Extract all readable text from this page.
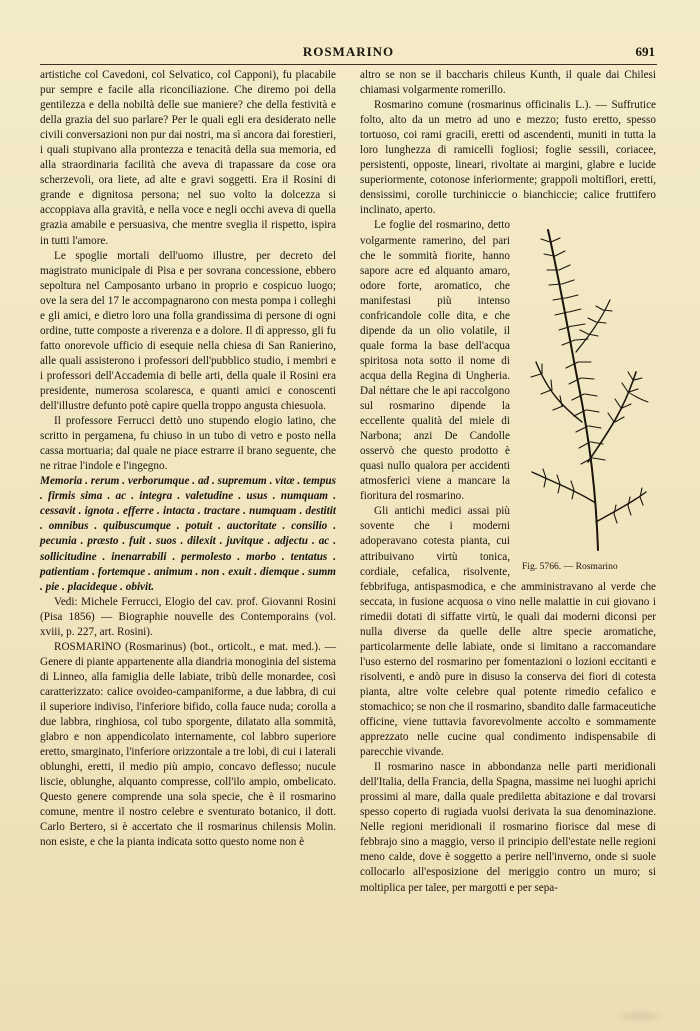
ROSMARINO	691

artistiche col Cavedoni, col Selvatico, col Capponi), fu placabile pur sempre e facile alla riconciliazione. Che diremo poi della gentilezza e della nobiltà delle sue maniere? che della festività e della grazia del suo parlare? Per le quali egli era desiderato nelle civili conversazioni non pur dai nostri, ma sì ancora dai forestieri, i quali stupivano alla prontezza e tenacità della sua memoria, ed alla straordinaria facilità che aveva di trapassare da cose ora scherzevoli, ora liete, ad alte e gravi soggetti. Era il Rosini di grande e dignitosa persona; nel suo volto la dolcezza si accoppiava alla gravità, e nella voce e negli occhi aveva di quella grazia amabile e persuasiva, che mentre sveglia il rispetto, ispira in tutti l'amore.

Le spoglie mortali dell'uomo illustre, per decreto del magistrato municipale di Pisa e per sovrana concessione, ebbero sepoltura nel Camposanto urbano in proprio e cospicuo luogo; ove la sera del 17 le accompagnarono con mesta pompa i colleghi e gli amici, e dietro loro una folla grandissima di persone di ogni ordine, tutte composte a riverenza e a dolore. Il dì appresso, gli fu fatto onorevole ufficio di esequie nella chiesa di San Ranierino, alle quali assisterono i professori dell'pubblico studio, i membri e i professori dell'Accademia di belle arti, della quale il Rosini era presidente, numerosa scolaresca, e quanti amici e conoscenti dell'illustre defunto potè capire quella troppo angusta chiesuola.

Il professore Ferrucci dettò uno stupendo elogio latino, che scritto in pergamena, fu chiuso in un tubo di vetro e posto nella cassa mortuaria; dal quale ne piace estrarre il brano seguente, che ne ritrae l'indole e l'ingegno.

Memoria . rerum . verborumque . ad . supremum . vitæ . tempus . firmis sima . ac . integra . valetudine . usus . numquam . cessavit . ignota . efferre . intacta . tractare . numquam . destitit . omnibus . quibuscumque . potuit . auctoritate . consilio . pecunia . præsto . fuit . suos . dilexit . juvitque . adjectu . ac . sollicitudine . inenarrabili . permolesto . morbo . tentatus . patientiam . fortemque . animum . non . exuit . diemque . summ . pie . placideque . obivit.

Vedi: Michele Ferrucci, Elogio del cav. prof. Giovanni Rosini (Pisa 1856) — Biographie nouvelle des Contemporains (vol. xviii, p. 227, art. Rosini).

ROSMARINO (Rosmarinus) (bot., orticolt., e mat. med.). — Genere di piante appartenente alla diandria monoginia del sistema di Linneo, alla famiglia delle labiate, tribù delle monardee, così caratterizzato: calice ovoideo-campaniforme, a due labbra, di cui il superiore indiviso, l'inferiore bifido, colla fauce nuda; corolla a due labbra, ringhiosa, col tubo sporgente, dilatato alla sommità, glabro e non appendicolato internamente, col labbro superiore eretto, smarginato, l'inferiore orizzontale a tre lobi, di cui i laterali oblunghi, eretti, il medio più ampio, concavo deflesso; nucule liscie, oblunghe, alquanto compresse, coll'ilo ampio, ombelicato. Questo genere comprende una sola specie, che è il rosmarino comune, mentre il nostro celebre e sventurato botanico, il dott. Carlo Bertero, si è accertato che il rosmarinus chilensis Molin. non esiste, e che la pianta indicata sotto questo nome non è

altro se non se il baccharis chileus Kunth, il quale dai Chilesi chiamasi volgarmente romerillo.

Rosmarino comune (rosmarinus officinalis L.). — Suffrutice folto, alto da un metro ad uno e mezzo; fusto eretto, spesso tortuoso, coi rami gracili, eretti od ascendenti, muniti in tutta la loro lunghezza di ramicelli fogliosi; foglie sessili, coriacee, persistenti, opposte, lineari, rivoltate ai margini, glabre e lucide superiormente, cotonose inferiormente; grappoli moltiflori, eretti, densissimi, corolle turchiniccie o bianchiccie; calice fruttifero inclinato, aperto.

Fig. 5766. — Rosmarino

Le foglie del rosmarino, detto volgarmente ramerino, del pari che le sommità fiorite, hanno sapore acre ed alquanto amaro, odore forte, aromatico, che manifestasi più intenso confricandole colle dita, e che dipende da un olio volatile, il quale forma la base dell'acqua spiritosa nota sotto il nome di acqua della Regina di Ungheria. Dal néttare che le api raccolgono sul rosmarino dipende la eccellente qualità del miele di Narbona; anzi De Candolle osservò che questo prodotto è quasi nullo qualora per accidenti atmosferici viene a mancare la fioritura del rosmarino.

Gli antichi medici assai più sovente che i moderni adoperavano cotesta pianta, cui attribuivano virtù tonica, cordiale, cefalica, risolvente, febbrifuga, antispasmodica, e che amministravano al verde che seccata, in fusione acquosa o vino nelle malattie in cui giovano i rimedii dotati di siffatte virtù, le quali dai moderni diconsi per nulla diverse da quelle delle altre specie aromatiche, particolarmente delle labiate, onde si limitano a raccomandare l'uso esterno del rosmarino per fomentazioni o lozioni eccitanti e risolventi, e andò pure in disuso la conserva dei fiori di cotesta pianta, altre volte celebre qual potente rimedio cefalico e stomachico; se non che il rosmarino, sbandito dalle farmaceutiche officine, viene tuttavia favorevolmente accolto e sommamente apprezzato nelle cucine qual condimento indispensabile di parecchie vivande.

Il rosmarino nasce in abbondanza nelle parti meridionali dell'Italia, della Francia, della Spagna, massime nei luoghi aprichi prossimi al mare, dalla quale prediletta abitazione e dal trovarsi spesso coperto di rugiada vuolsi derivata la sua denominazione. Nelle regioni meridionali il rosmarino fiorisce dal mese di febbrajo sino a maggio, verso il principio dell'estate nelle regioni meno calde, dove è soggetto a perire nell'inverno, onde si suole collocarlo all'esposizione del meriggio contro un muro; si moltiplica per talee, per margotti e per sepa-
